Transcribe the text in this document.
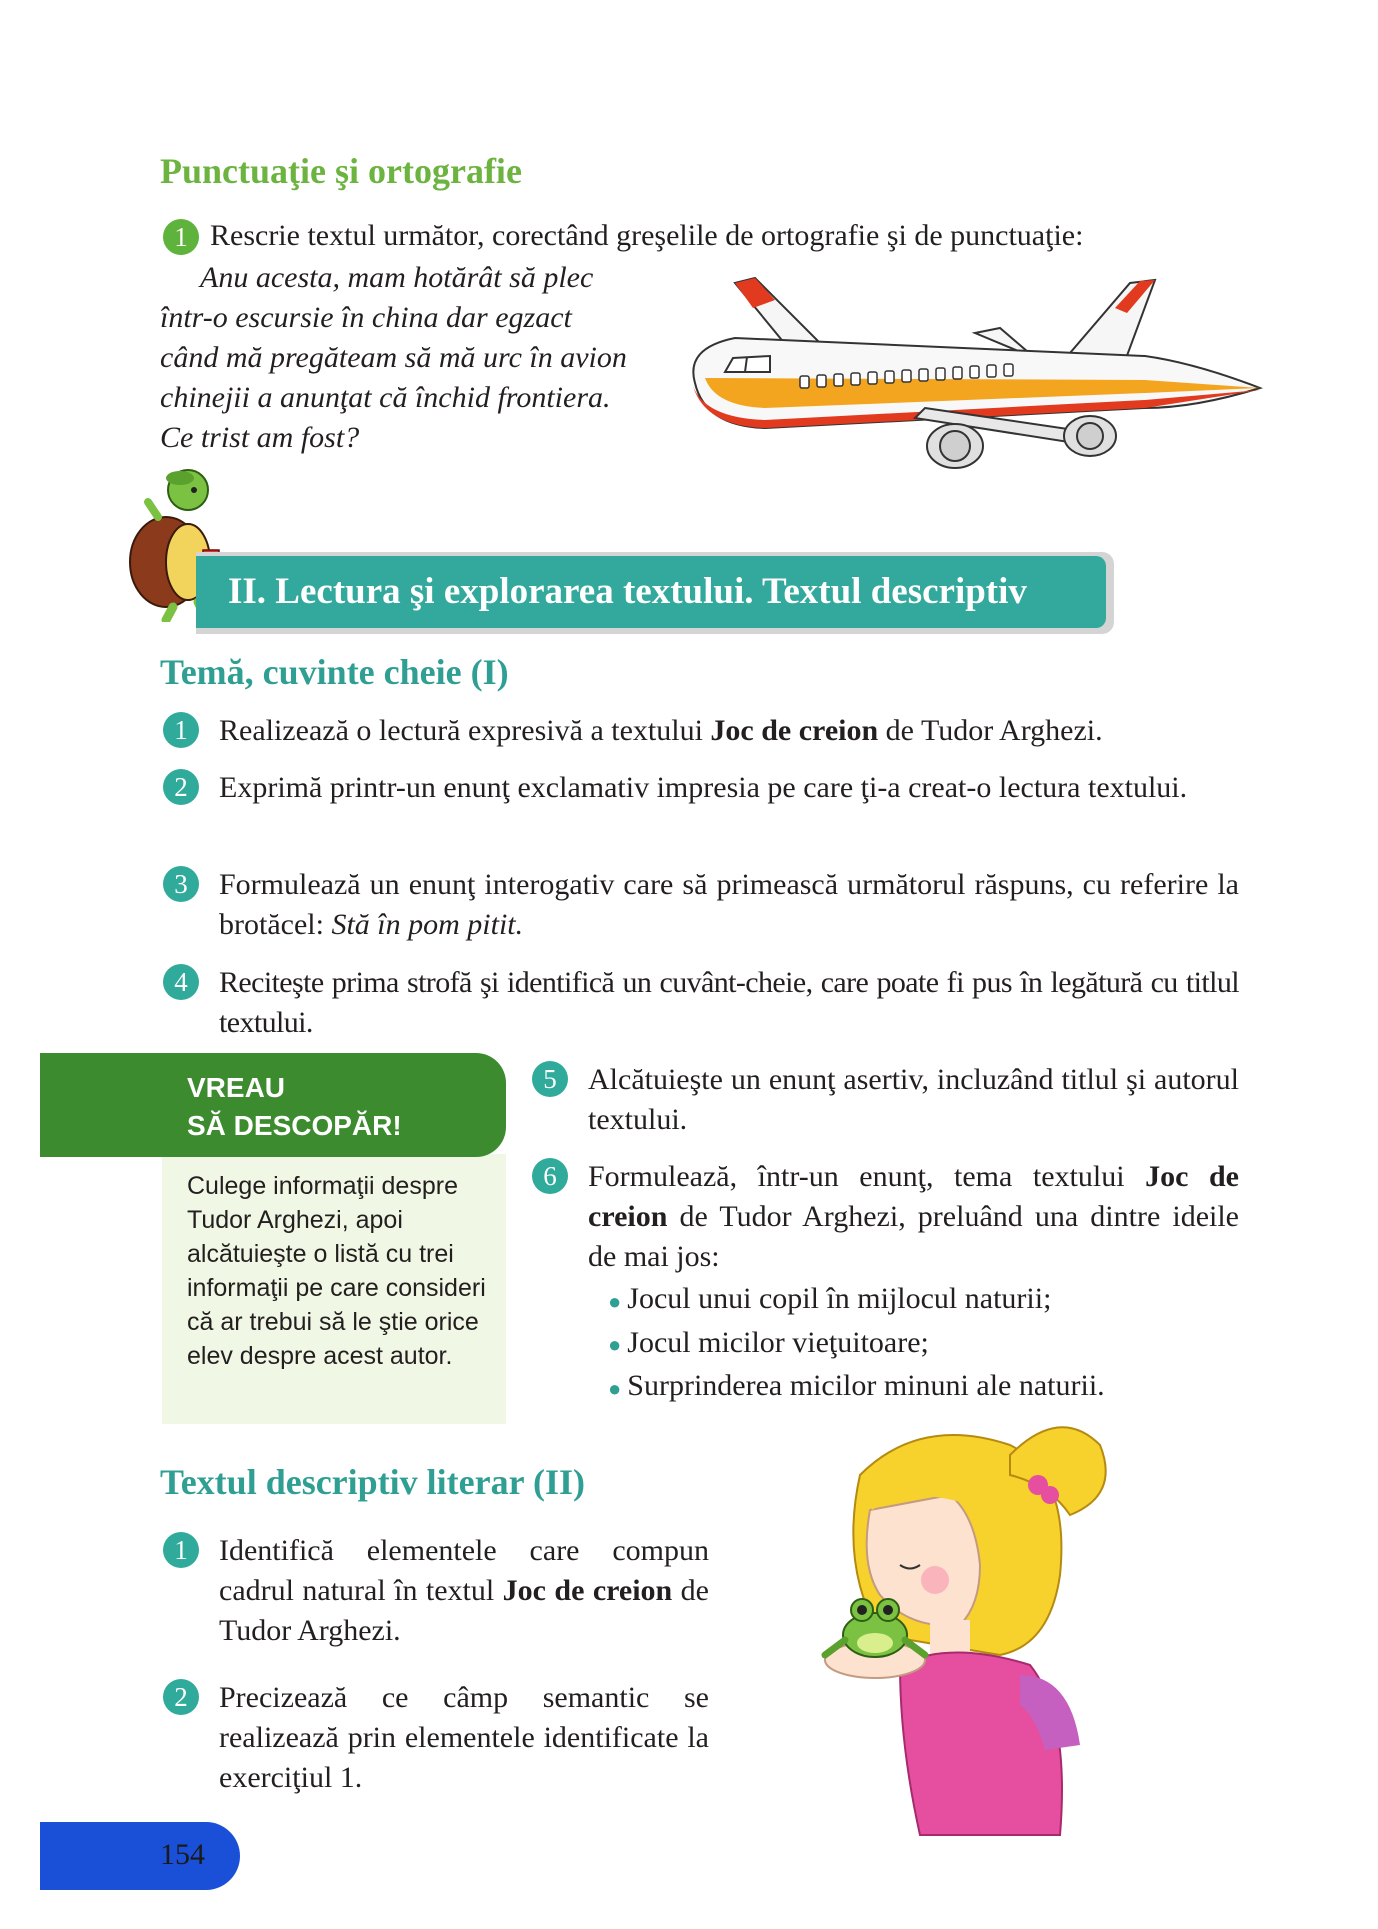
Punctuaţie şi ortografie
1 Rescrie textul următor, corectând greşelile de ortografie şi de punctuaţie:
Anu acesta, mam hotărât să plec
într-o escursie în china dar egzact
când mă pregăteam să mă urc în avion
chinejii a anunţat că închid frontiera.
Ce trist am fost?
II. Lectura şi explorarea textului. Textul descriptiv
Temă, cuvinte cheie (I)
1	Realizează o lectură expresivă a textului Joc de creion de Tudor Arghezi.
2	Exprimă printr-un enunţ exclamativ impresia pe care ţi-a creat-o lectura textului.
3	Formulează un enunţ interogativ care să primească următorul răspuns, cu referire la brotăcel: Stă în pom pitit.
4	Reciteşte prima strofă şi identifică un cuvânt-cheie, care poate fi pus în legătură cu titlul textului.
VREAU
SĂ DESCOPĂR!
Culege informaţii despre Tudor Arghezi, apoi alcătuieşte o listă cu trei informaţii pe care consideri că ar trebui să le ştie orice elev despre acest autor.
5	Alcătuieşte un enunţ asertiv, incluzând titlul şi autorul textului.
6	Formulează, într-un enunţ, tema textului Joc de creion de Tudor Arghezi, preluând una dintre ideile de mai jos:
● Jocul unui copil în mijlocul naturii;
● Jocul micilor vieţuitoare;
● Surprinderea micilor minuni ale naturii.
Textul descriptiv literar (II)
1	Identifică elementele care compun cadrul natural în textul Joc de creion de Tudor Arghezi.
2	Precizează ce câmp semantic se realizează prin elementele identificate la exerciţiul 1.
154
